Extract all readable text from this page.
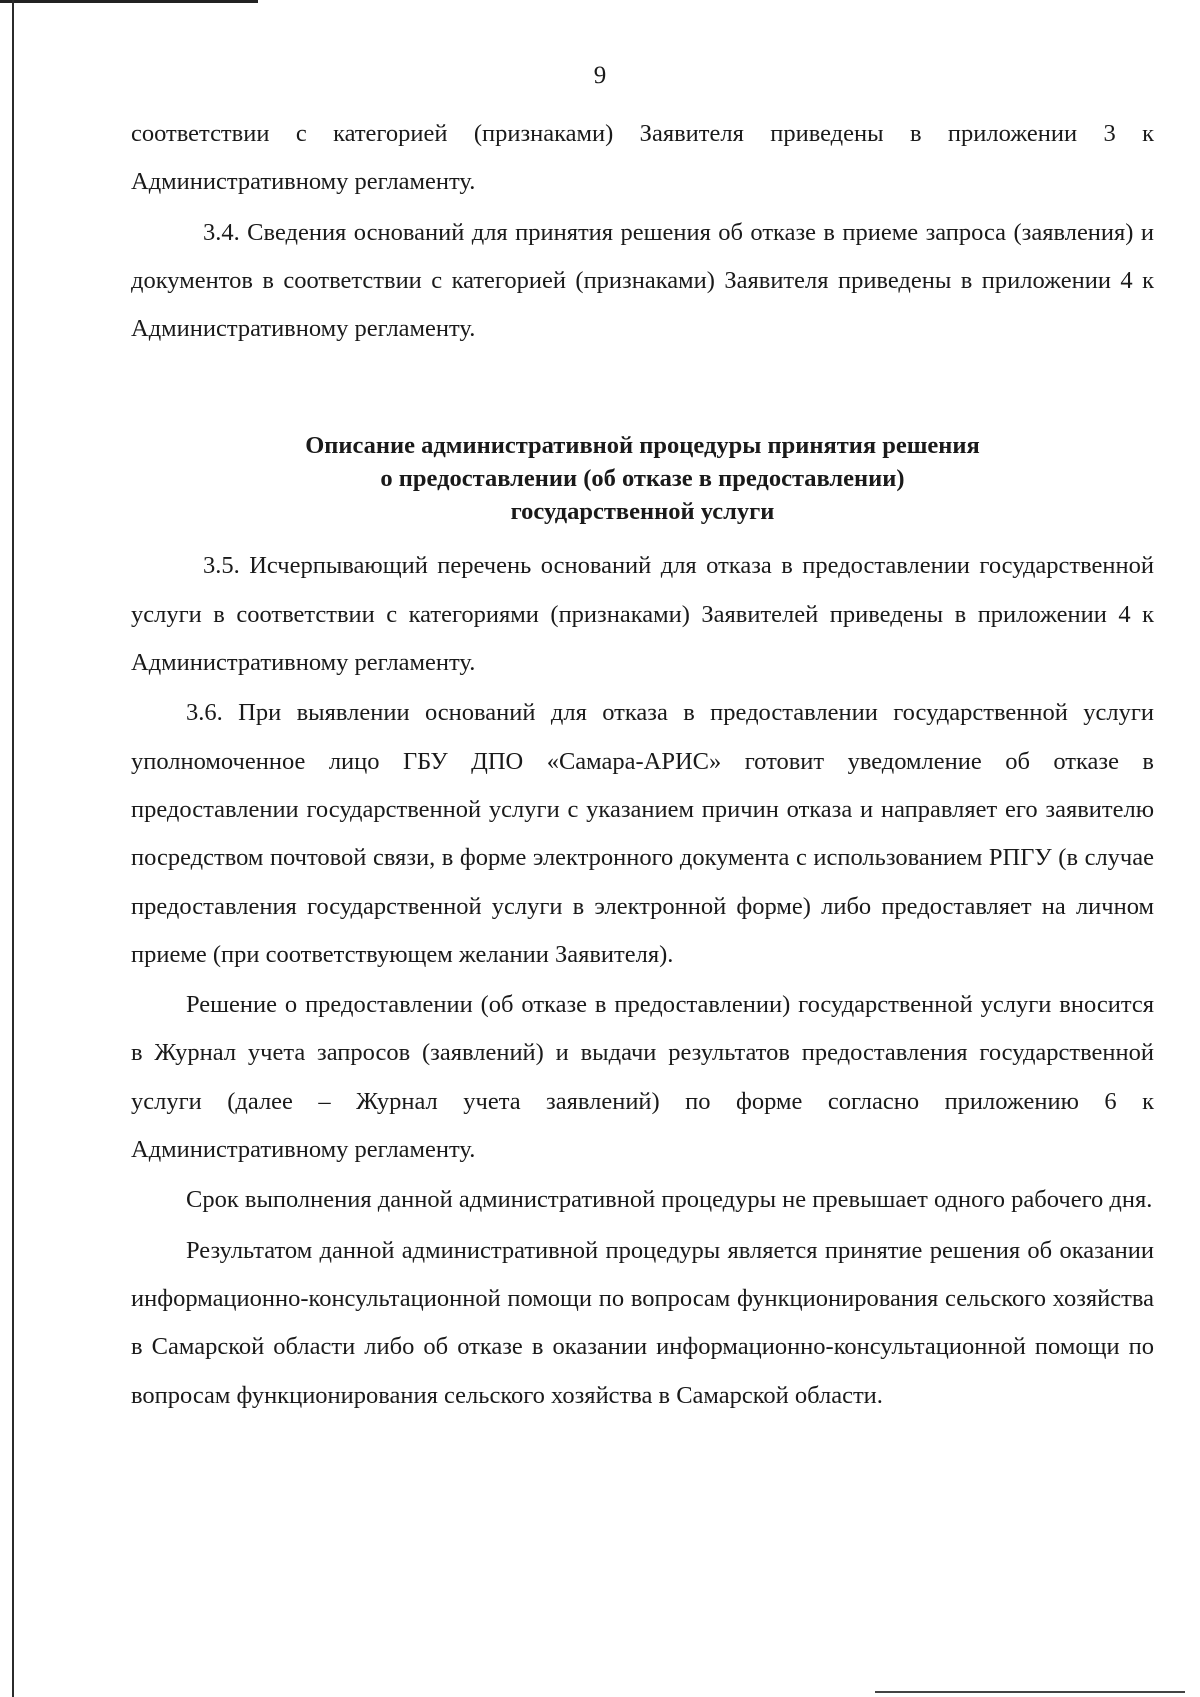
9

соответствии с категорией (признаками) Заявителя приведены в приложении 3 к Административному регламенту.

3.4. Сведения оснований для принятия решения об отказе в приеме запроса (заявления) и документов в соответствии с категорией (признаками) Заявителя приведены в приложении 4 к Административному регламенту.

Описание административной процедуры принятия решения
о предоставлении (об отказе в предоставлении)
государственной услуги

3.5. Исчерпывающий перечень оснований для отказа в предоставлении государственной услуги в соответствии с категориями (признаками) Заявителей приведены в приложении 4 к Административному регламенту.

3.6. При выявлении оснований для отказа в предоставлении государственной услуги уполномоченное лицо ГБУ ДПО «Самара-АРИС» готовит уведомление об отказе в предоставлении государственной услуги с указанием причин отказа и направляет его заявителю посредством почтовой связи, в форме электронного документа с использованием РПГУ (в случае предоставления государственной услуги в электронной форме) либо предоставляет на личном приеме (при соответствующем желании Заявителя).

Решение о предоставлении (об отказе в предоставлении) государственной услуги вносится в Журнал учета запросов (заявлений) и выдачи результатов предоставления государственной услуги (далее – Журнал учета заявлений) по форме согласно приложению 6 к Административному регламенту.

Срок выполнения данной административной процедуры не превышает одного рабочего дня.

Результатом данной административной процедуры является принятие решения об оказании информационно-консультационной помощи по вопросам функционирования сельского хозяйства в Самарской области либо об отказе в оказании информационно-консультационной помощи по вопросам функционирования сельского хозяйства в Самарской области.
